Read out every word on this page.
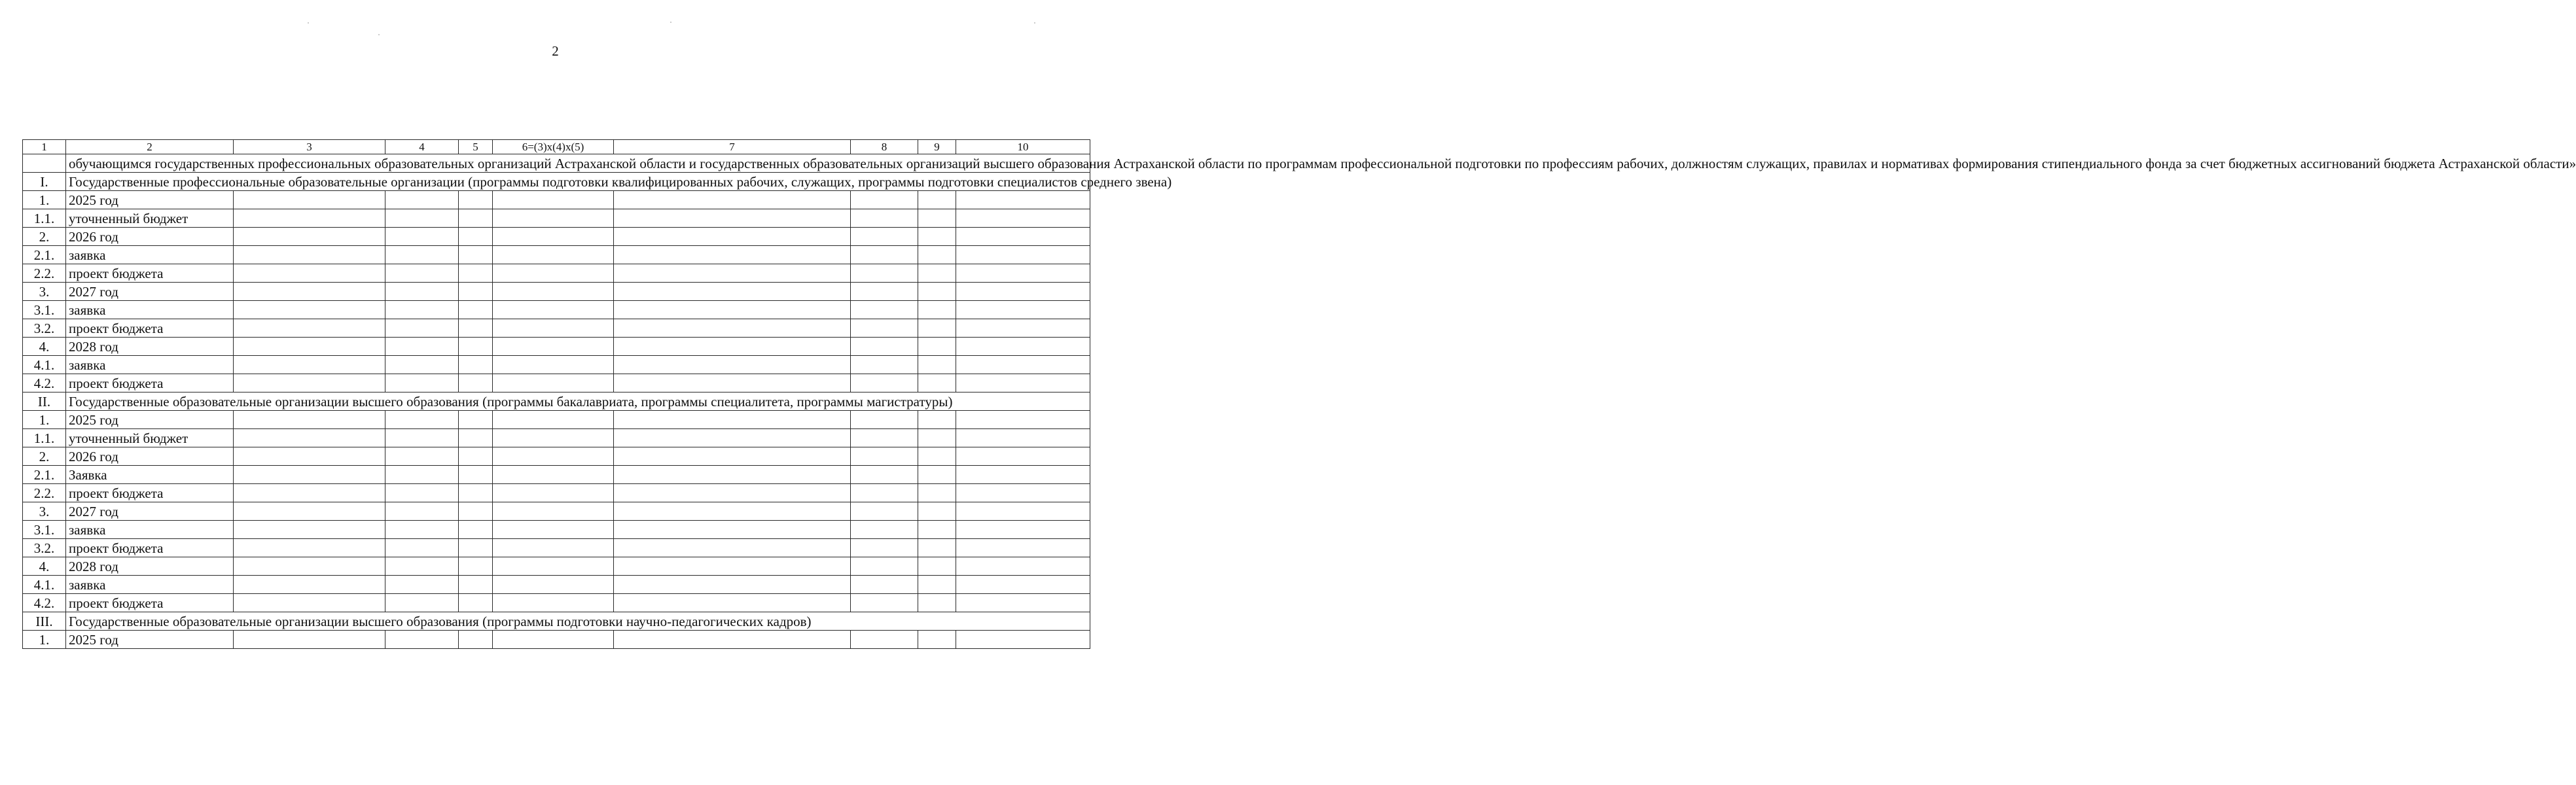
2
1	2	3	4	5	6=(3)x(4)x(5)	7	8	9	10
	обучающимся государственных профессиональных образовательных организаций Астраханской области и государственных образовательных организаций высшего образования Астраханской области по программам профессиональной подготовки по профессиям рабочих, должностям служащих, правилах и нормативах формирования стипендиального фонда за счет бюджетных ассигнований бюджета Астраханской области»								
I.	Государственные профессиональные образовательные организации (программы подготовки квалифицированных рабочих, служащих, программы подготовки специалистов среднего звена)								
1.	2025 год								
1.1.	уточненный бюджет								
2.	2026 год								
2.1.	заявка								
2.2.	проект бюджета								
3.	2027 год								
3.1.	заявка								
3.2.	проект бюджета								
4.	2028 год								
4.1.	заявка								
4.2.	проект бюджета								
II.	Государственные образовательные организации высшего образования (программы бакалавриата, программы специалитета, программы магистратуры)								
1.	2025 год								
1.1.	уточненный бюджет								
2.	2026 год								
2.1.	Заявка								
2.2.	проект бюджета								
3.	2027 год								
3.1.	заявка								
3.2.	проект бюджета								
4.	2028 год								
4.1.	заявка								
4.2.	проект бюджета								
III.	Государственные образовательные организации высшего образования (программы подготовки научно-педагогических кадров)								
1.	2025 год								
